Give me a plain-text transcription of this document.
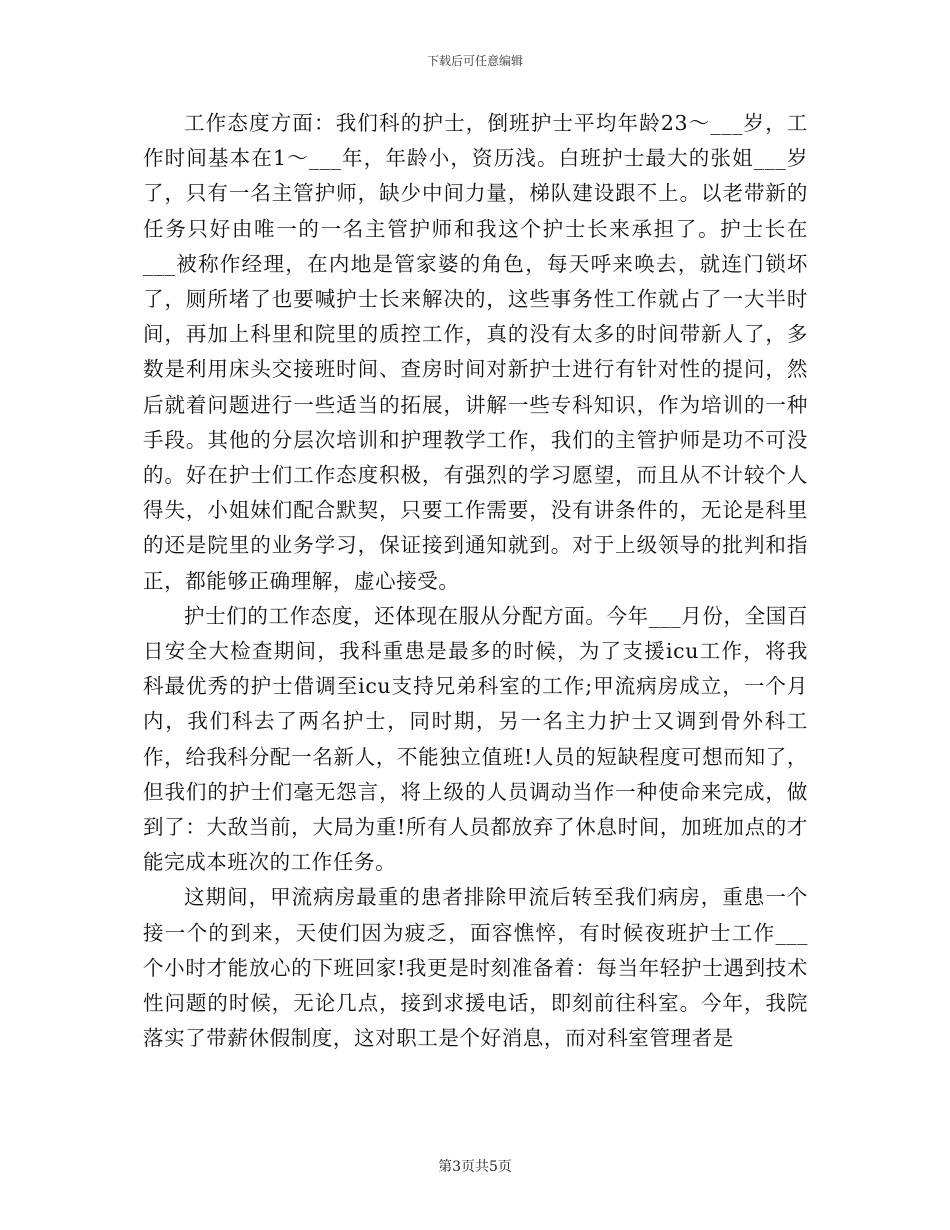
下载后可任意编辑

工作态度方面：我们科的护士，倒班护士平均年龄23～___岁，工作时间基本在1～___年，年龄小，资历浅。白班护士最大的张姐___岁了，只有一名主管护师，缺少中间力量，梯队建设跟不上。以老带新的任务只好由唯一的一名主管护师和我这个护士长来承担了。护士长在___被称作经理，在内地是管家婆的角色，每天呼来唤去，就连门锁坏了，厕所堵了也要喊护士长来解决的，这些事务性工作就占了一大半时间，再加上科里和院里的质控工作，真的没有太多的时间带新人了，多数是利用床头交接班时间、查房时间对新护士进行有针对性的提问，然后就着问题进行一些适当的拓展，讲解一些专科知识，作为培训的一种手段。其他的分层次培训和护理教学工作，我们的主管护师是功不可没的。好在护士们工作态度积极，有强烈的学习愿望，而且从不计较个人得失，小姐妹们配合默契，只要工作需要，没有讲条件的，无论是科里的还是院里的业务学习，保证接到通知就到。对于上级领导的批判和指正，都能够正确理解，虚心接受。

护士们的工作态度，还体现在服从分配方面。今年___月份，全国百日安全大检查期间，我科重患是最多的时候，为了支援icu工作，将我科最优秀的护士借调至icu支持兄弟科室的工作;甲流病房成立，一个月内，我们科去了两名护士，同时期，另一名主力护士又调到骨外科工作，给我科分配一名新人，不能独立值班!人员的短缺程度可想而知了，但我们的护士们毫无怨言，将上级的人员调动当作一种使命来完成，做到了：大敌当前，大局为重!所有人员都放弃了休息时间，加班加点的才能完成本班次的工作任务。

这期间，甲流病房最重的患者排除甲流后转至我们病房，重患一个接一个的到来，天使们因为疲乏，面容憔悴，有时候夜班护士工作___个小时才能放心的下班回家!我更是时刻准备着：每当年轻护士遇到技术性问题的时候，无论几点，接到求援电话，即刻前往科室。今年，我院落实了带薪休假制度，这对职工是个好消息，而对科室管理者是

第3页共5页
